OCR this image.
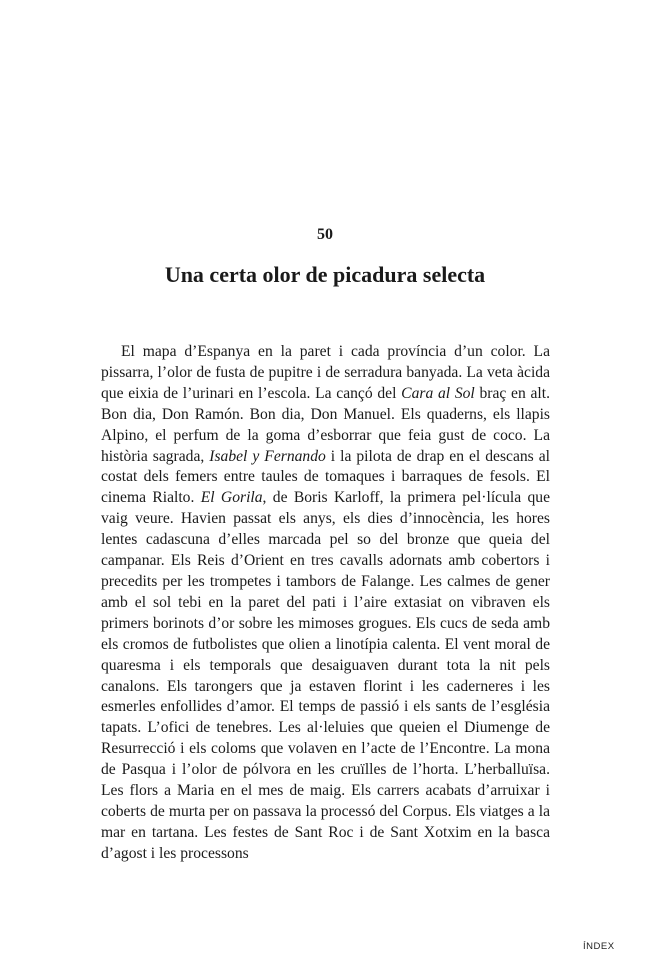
50
Una certa olor de picadura selecta

El mapa d’Espanya en la paret i cada província d’un color. La pissarra, l’olor de fusta de pupitre i de serradura banyada. La veta àcida que eixia de l’urinari en l’escola. La cançó del Cara al Sol braç en alt. Bon dia, Don Ramón. Bon dia, Don Manuel. Els quaderns, els llapis Alpino, el perfum de la goma d’esborrar que feia gust de coco. La història sagrada, Isabel y Fernando i la pilota de drap en el descans al costat dels femers entre taules de tomaques i barraques de fesols. El cinema Rialto. El Gorila, de Boris Karloff, la primera pel·lícula que vaig veure. Havien passat els anys, els dies d’innocència, les hores lentes cadascuna d’elles marcada pel so del bronze que queia del campanar. Els Reis d’Orient en tres cavalls adornats amb cobertors i precedits per les trompetes i tambors de Falange. Les calmes de gener amb el sol tebi en la paret del pati i l’aire extasiat on vibraven els primers borinots d’or sobre les mimoses grogues. Els cucs de seda amb els cromos de futbolistes que olien a linotípia calenta. El vent moral de quaresma i els temporals que desaiguaven durant tota la nit pels canalons. Els tarongers que ja estaven florint i les caderneres i les esmerles enfollides d’amor. El temps de passió i els sants de l’església tapats. L’ofici de tenebres. Les al·leluies que queien el Diumenge de Resurrecció i els coloms que volaven en l’acte de l’Encontre. La mona de Pasqua i l’olor de pólvora en les cruïlles de l’horta. L’herballuïsa. Les flors a Maria en el mes de maig. Els carrers acabats d’arruixar i coberts de murta per on passava la processó del Corpus. Els viatges a la mar en tartana. Les festes de Sant Roc i de Sant Xotxim en la basca d’agost i les processons

ÍNDEX
